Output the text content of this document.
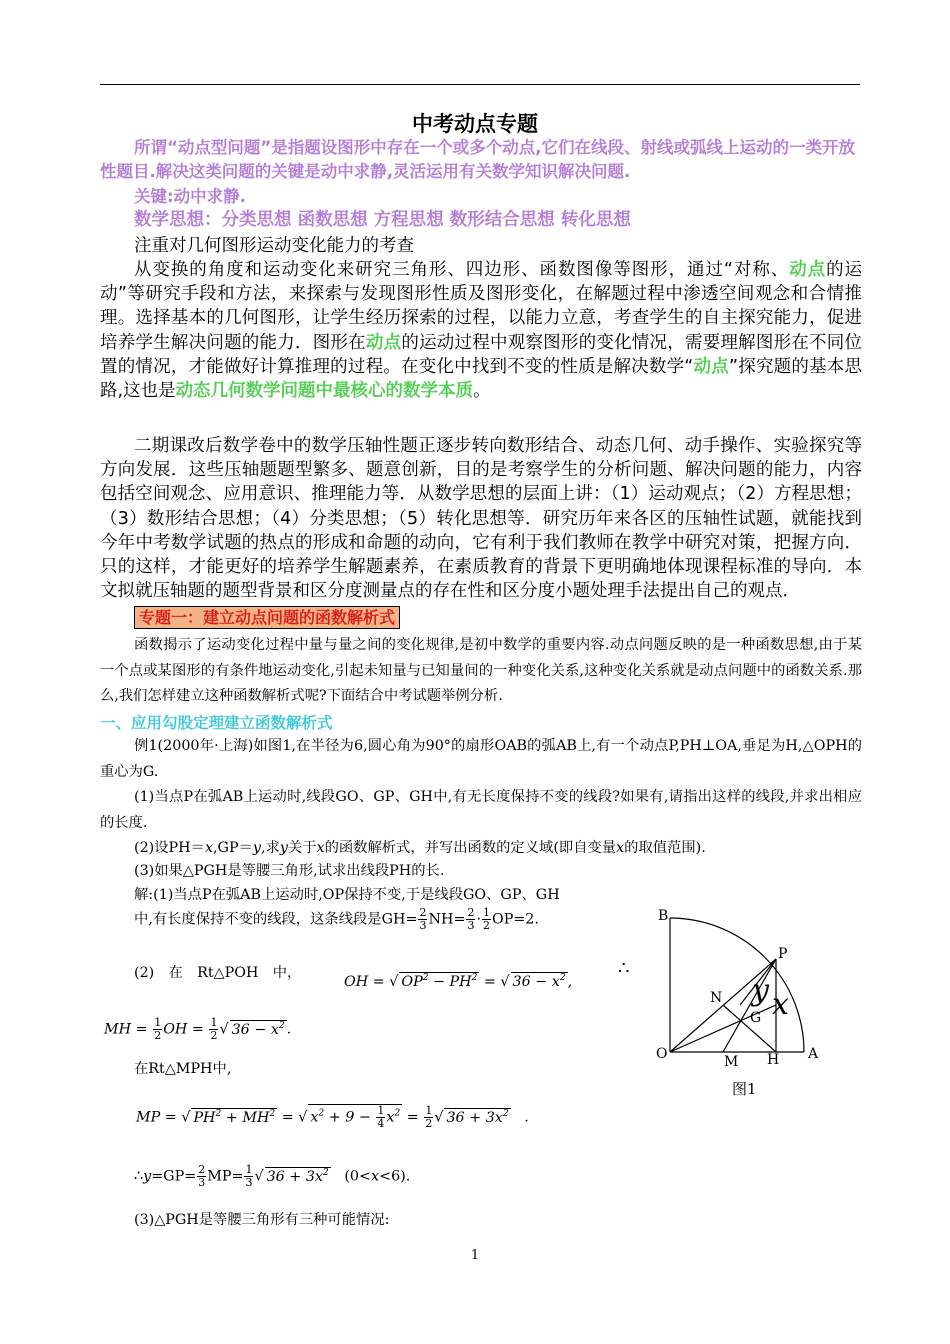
中考动点专题
所谓“动点型问题”是指题设图形中存在一个或多个动点,它们在线段、射线或弧线上运动的一类开放性题目.解决这类问题的关键是动中求静,灵活运用有关数学知识解决问题.
关键:动中求静.
数学思想：分类思想 函数思想 方程思想 数形结合思想 转化思想
注重对几何图形运动变化能力的考查
从变换的角度和运动变化来研究三角形、四边形、函数图像等图形，通过“对称、动点的运动”等研究手段和方法，来探索与发现图形性质及图形变化，在解题过程中渗透空间观念和合情推理。选择基本的几何图形，让学生经历探索的过程，以能力立意，考查学生的自主探究能力，促进培养学生解决问题的能力．图形在动点的运动过程中观察图形的变化情况，需要理解图形在不同位置的情况，才能做好计算推理的过程。在变化中找到不变的性质是解决数学“动点”探究题的基本思路,这也是动态几何数学问题中最核心的数学本质。
二期课改后数学卷中的数学压轴性题正逐步转向数形结合、动态几何、动手操作、实验探究等方向发展．这些压轴题题型繁多、题意创新，目的是考察学生的分析问题、解决问题的能力，内容包括空间观念、应用意识、推理能力等．从数学思想的层面上讲：（1）运动观点；（2）方程思想；（3）数形结合思想；（4）分类思想；（5）转化思想等．研究历年来各区的压轴性试题，就能找到今年中考数学试题的热点的形成和命题的动向，它有利于我们教师在教学中研究对策，把握方向．只的这样，才能更好的培养学生解题素养，在素质教育的背景下更明确地体现课程标准的导向．本文拟就压轴题的题型背景和区分度测量点的存在性和区分度小题处理手法提出自己的观点．
专题一：建立动点问题的函数解析式
函数揭示了运动变化过程中量与量之间的变化规律,是初中数学的重要内容.动点问题反映的是一种函数思想,由于某一个点或某图形的有条件地运动变化,引起未知量与已知量间的一种变化关系,这种变化关系就是动点问题中的函数关系.那么,我们怎样建立这种函数解析式呢?下面结合中考试题举例分析.
一、应用勾股定理建立函数解析式
例1(2000年·上海)如图1,在半径为6,圆心角为90°的扇形OAB的弧AB上,有一个动点P,PH⊥OA,垂足为H,△OPH的重心为G.
(1)当点P在弧AB上运动时,线段GO、GP、GH中,有无长度保持不变的线段?如果有,请指出这样的线段,并求出相应的长度.
(2)设PH＝x,GP＝y,求y关于x的函数解析式，并写出函数的定义域(即自变量x的取值范围).
(3)如果△PGH是等腰三角形,试求出线段PH的长.
解:(1)当点P在弧AB上运动时,OP保持不变,于是线段GO、GP、GH
中,有长度保持不变的线段，这条线段是$GH= \frac{2}{3} NH= \frac{2}{3} \cdot \frac{1}{2} OP=2$.
(2)　在　Rt△POH　中，
OH = √ $OP^2 - PH^2$ = √ $36 - x^2$ ,
∴
MH = $\frac{1}{2}$ OH = $\frac{1}{2}$ √ $36 - x^2$ .
在Rt△MPH中,
MP = √ $PH^2 + MH^2$ = √ $x^2 + 9 - \frac{1}{4} x^2 = \frac{1}{2}$ √ $36 + 3x^2$   .
∴y=GP= $\frac{2}{3} MP= \frac{1}{3}$ √ $36 + 3x^2$   (0<x<6).
(3)△PGH是等腰三角形有三种可能情况:
B
P
N
G
O	M H A
y x
图1
1
